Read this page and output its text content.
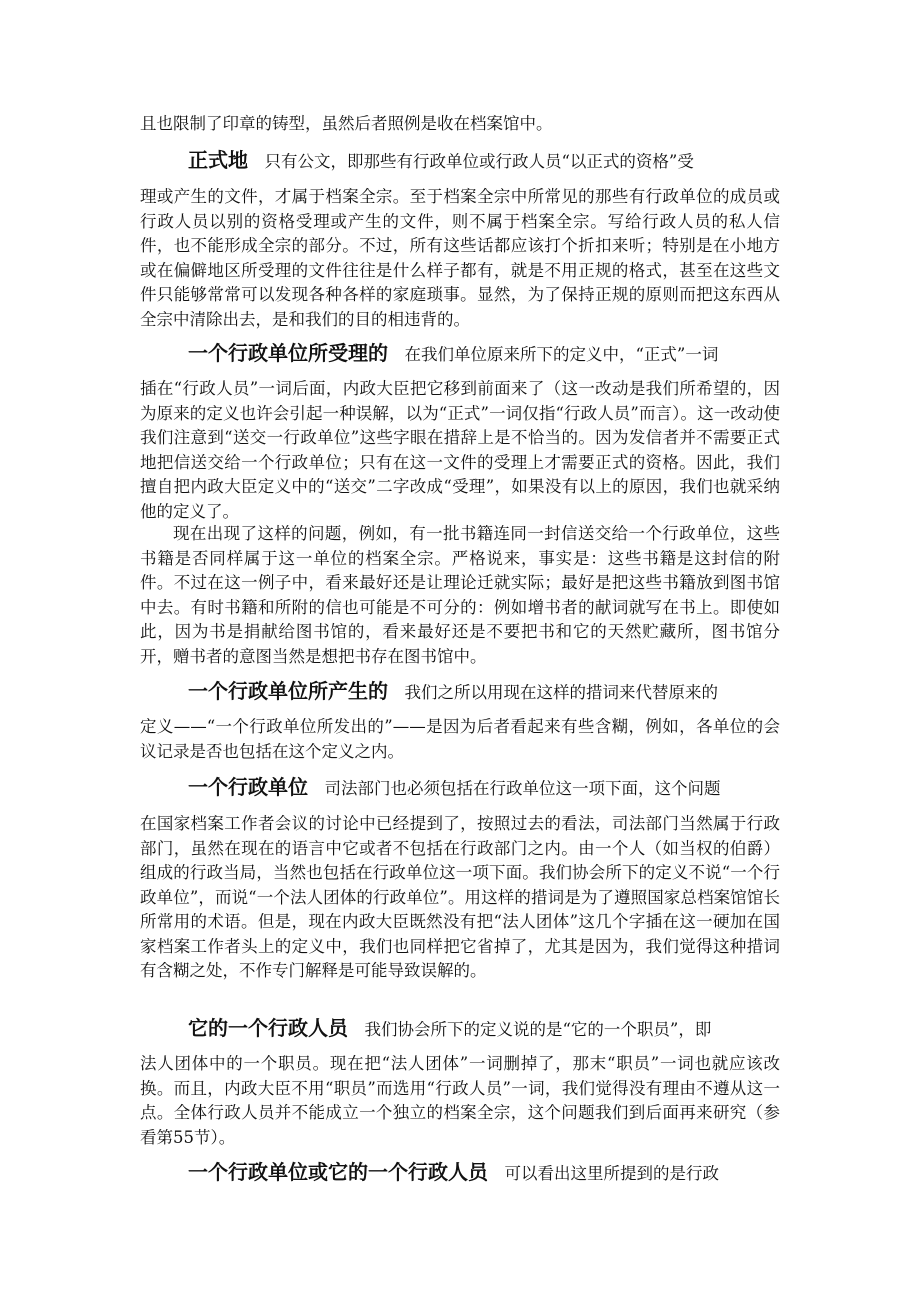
且也限制了印章的铸型，虽然后者照例是收在档案馆中。
正式地　 只有公文，即那些有行政单位或行政人员“以正式的资格”受
理或产生的文件，才属于档案全宗。至于档案全宗中所常见的那些有行政单位的成员或行政人员以别的资格受理或产生的文件，则不属于档案全宗。写给行政人员的私人信件，也不能形成全宗的部分。不过，所有这些话都应该打个折扣来听；特别是在小地方或在偏僻地区所受理的文件往往是什么样子都有，就是不用正规的格式，甚至在这些文件只能够常常可以发现各种各样的家庭琐事。显然，为了保持正规的原则而把这东西从全宗中清除出去，是和我们的目的相违背的。
一个行政单位所受理的　 在我们单位原来所下的定义中，“正式”一词
插在“行政人员”一词后面，内政大臣把它移到前面来了（这一改动是我们所希望的，因为原来的定义也许会引起一种误解，以为“正式”一词仅指“行政人员”而言）。这一改动使我们注意到“送交一行政单位”这些字眼在措辞上是不恰当的。因为发信者并不需要正式地把信送交给一个行政单位；只有在这一文件的受理上才需要正式的资格。因此，我们擅自把内政大臣定义中的“送交”二字改成“受理”，如果没有以上的原因，我们也就采纳他的定义了。
现在出现了这样的问题，例如，有一批书籍连同一封信送交给一个行政单位，这些书籍是否同样属于这一单位的档案全宗。严格说来，事实是：这些书籍是这封信的附件。不过在这一例子中，看来最好还是让理论迁就实际；最好是把这些书籍放到图书馆中去。有时书籍和所附的信也可能是不可分的：例如增书者的献词就写在书上。即使如此，因为书是捐献给图书馆的，看来最好还是不要把书和它的天然贮藏所，图书馆分开，赠书者的意图当然是想把书存在图书馆中。
一个行政单位所产生的　 我们之所以用现在这样的措词来代替原来的
定义——“一个行政单位所发出的”——是因为后者看起来有些含糊，例如，各单位的会议记录是否也包括在这个定义之内。
一个行政单位　 司法部门也必须包括在行政单位这一项下面，这个问题
在国家档案工作者会议的讨论中已经提到了，按照过去的看法，司法部门当然属于行政部门，虽然在现在的语言中它或者不包括在行政部门之内。由一个人（如当权的伯爵）组成的行政当局，当然也包括在行政单位这一项下面。我们协会所下的定义不说“一个行政单位”，而说“一个法人团体的行政单位”。用这样的措词是为了遵照国家总档案馆馆长所常用的术语。但是，现在内政大臣既然没有把“法人团体”这几个字插在这一硬加在国家档案工作者头上的定义中，我们也同样把它省掉了，尤其是因为，我们觉得这种措词有含糊之处，不作专门解释是可能导致误解的。
它的一个行政人员　 我们协会所下的定义说的是“它的一个职员”，即
法人团体中的一个职员。现在把“法人团体”一词删掉了，那末“职员”一词也就应该改换。而且，内政大臣不用“职员”而选用“行政人员”一词，我们觉得没有理由不遵从这一点。全体行政人员并不能成立一个独立的档案全宗，这个问题我们到后面再来研究（参看第55节）。
一个行政单位或它的一个行政人员　 可以看出这里所提到的是行政
